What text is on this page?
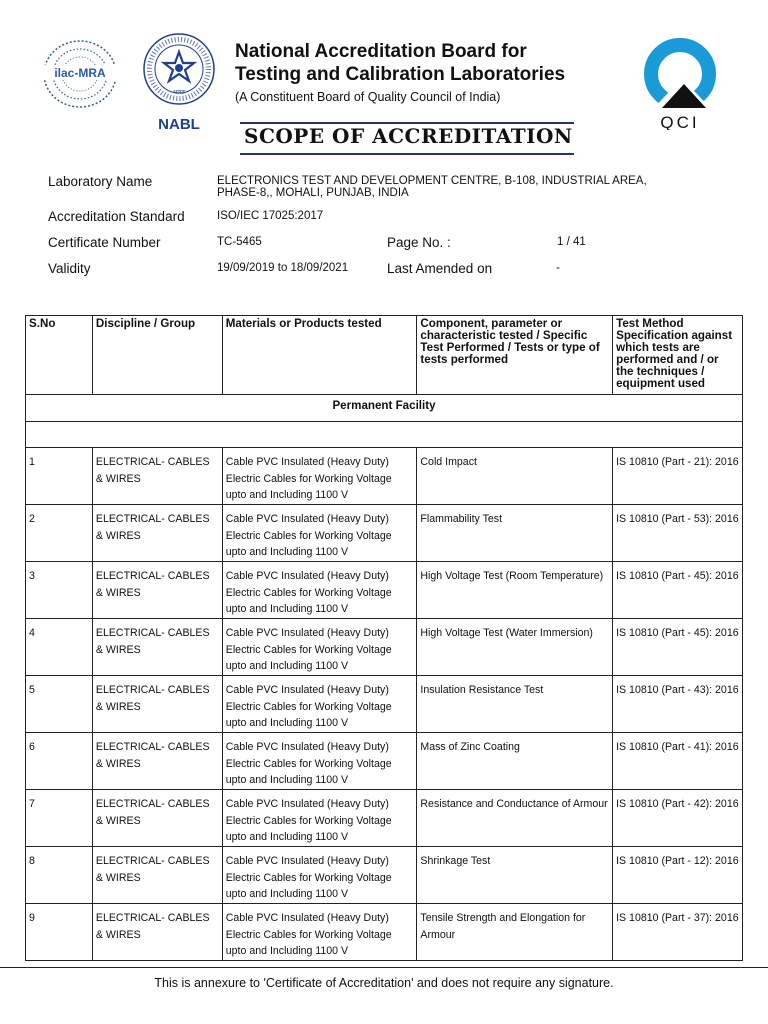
ilac-MRA
भारत
NABL
National Accreditation Board for
Testing and Calibration Laboratories
(A Constituent Board of Quality Council of India)
QCI
SCOPE OF ACCREDITATION
Laboratory Name	ELECTRONICS TEST AND DEVELOPMENT CENTRE, B-108, INDUSTRIAL AREA,
PHASE-8,, MOHALI, PUNJAB, INDIA
Accreditation Standard	ISO/IEC 17025:2017
Certificate Number	TC-5465	Page No. :	1 / 41
Validity	19/09/2019 to 18/09/2021	Last Amended on	-
S.No	Discipline / Group	Materials or Products tested	Component, parameter or characteristic tested / Specific Test Performed / Tests or type of tests performed	Test Method Specification against which tests are performed and / or the techniques / equipment used
Permanent Facility				

1	ELECTRICAL- CABLES & WIRES	Cable PVC Insulated (Heavy Duty) Electric Cables for Working Voltage upto and Including 1100 V	Cold Impact	IS 10810 (Part - 21): 2016
2	ELECTRICAL- CABLES & WIRES	Cable PVC Insulated (Heavy Duty) Electric Cables for Working Voltage upto and Including 1100 V	Flammability Test	IS 10810 (Part - 53): 2016
3	ELECTRICAL- CABLES & WIRES	Cable PVC Insulated (Heavy Duty) Electric Cables for Working Voltage upto and Including 1100 V	High Voltage Test (Room Temperature)	IS 10810 (Part - 45): 2016
4	ELECTRICAL- CABLES & WIRES	Cable PVC Insulated (Heavy Duty) Electric Cables for Working Voltage upto and Including 1100 V	High Voltage Test (Water Immersion)	IS 10810 (Part - 45): 2016
5	ELECTRICAL- CABLES & WIRES	Cable PVC Insulated (Heavy Duty) Electric Cables for Working Voltage upto and Including 1100 V	Insulation Resistance Test	IS 10810 (Part - 43): 2016
6	ELECTRICAL- CABLES & WIRES	Cable PVC Insulated (Heavy Duty) Electric Cables for Working Voltage upto and Including 1100 V	Mass of Zinc Coating	IS 10810 (Part - 41): 2016
7	ELECTRICAL- CABLES & WIRES	Cable PVC Insulated (Heavy Duty) Electric Cables for Working Voltage upto and Including 1100 V	Resistance and Conductance of Armour	IS 10810 (Part - 42): 2016
8	ELECTRICAL- CABLES & WIRES	Cable PVC Insulated (Heavy Duty) Electric Cables for Working Voltage upto and Including 1100 V	Shrinkage Test	IS 10810 (Part - 12): 2016
9	ELECTRICAL- CABLES & WIRES	Cable PVC Insulated (Heavy Duty) Electric Cables for Working Voltage upto and Including 1100 V	Tensile Strength and Elongation for Armour	IS 10810 (Part - 37): 2016
This is annexure to 'Certificate of Accreditation' and does not require any signature.
